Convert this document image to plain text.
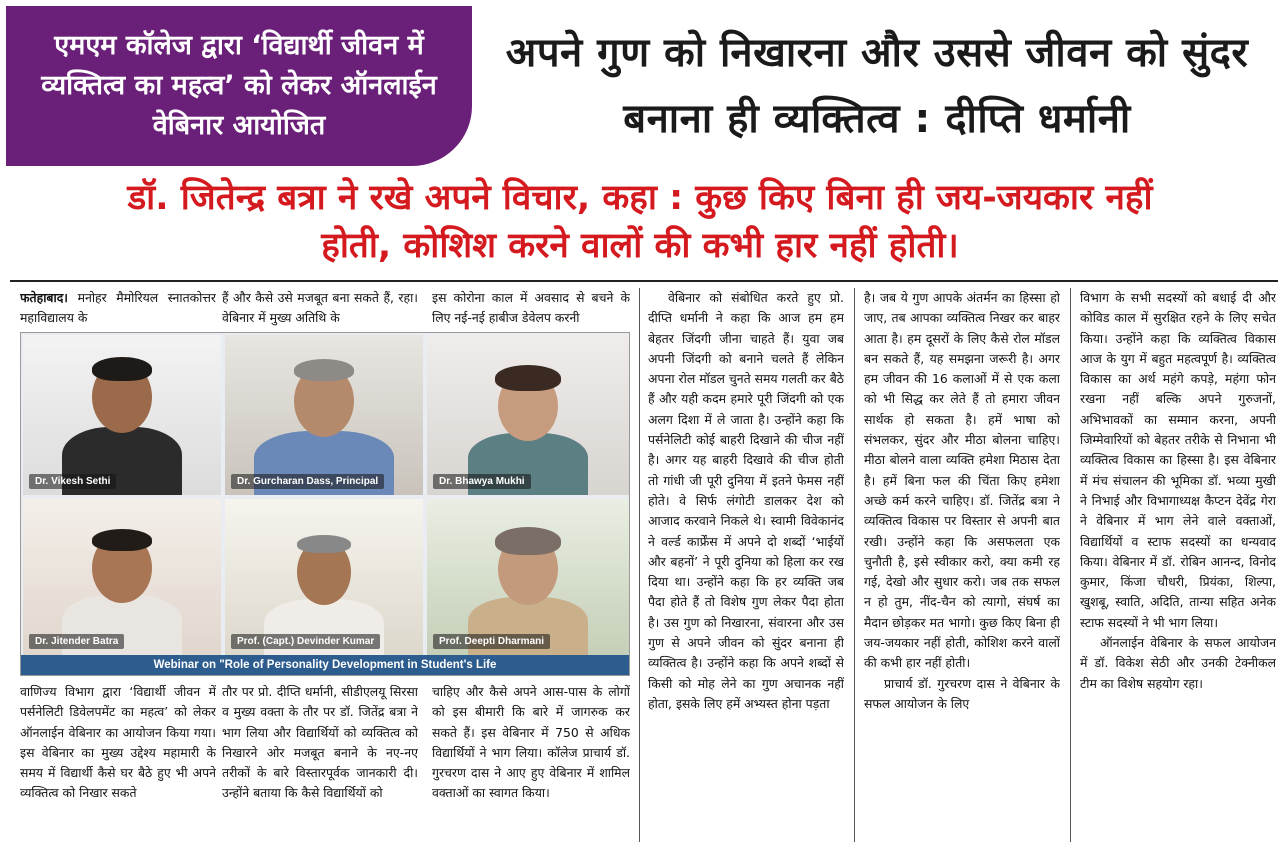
एमएम कॉलेज द्वारा ‘विद्यार्थी जीवन में व्यक्तित्व का महत्व’ को लेकर ऑनलाईन वेबिनार आयोजित
अपने गुण को निखारना और उससे जीवन को सुंदर बनाना ही व्यक्तित्व : दीप्ति धर्मानी
डॉ. जितेन्द्र बत्रा ने रखे अपने विचार, कहा : कुछ किए बिना ही जय-जयकार नहीं होती, कोशिश करने वालों की कभी हार नहीं होती।
फतेहाबाद। मनोहर मैमोरियल स्नातकोत्तर महाविद्यालय के
हैं और कैसे उसे मजबूत बना सकते हैं, रहा। वेबिनार में मुख्य अतिथि के
इस कोरोना काल में अवसाद से बचने के लिए नई-नई हाबीज डेवेलप करनी
Dr. Vikesh Sethi	Dr. Gurcharan Dass, Principal	Dr. Bhawya Mukhi
Dr. Jitender Batra	Prof. (Capt.) Devinder Kumar	Prof. Deepti Dharmani
Webinar on "Role of Personality Development in Student's Life
वाणिज्य विभाग द्वारा ‘विद्यार्थी जीवन में पर्सनेलिटी डिवेलपमेंट का महत्व’ को लेकर ऑनलाईन वेबिनार का आयोजन किया गया। इस वेबिनार का मुख्य उद्देश्य महामारी के समय में विद्यार्थी कैसे घर बैठे हुए भी अपने व्यक्तित्व को निखार सकते
तौर पर प्रो. दीप्ति धर्मानी, सीडीएलयू सिरसा व मुख्य वक्ता के तौर पर डॉ. जितेंद्र बत्रा ने भाग लिया और विद्यार्थियों को व्यक्तित्व को निखारने ओर मजबूत बनाने के नए-नए तरीकों के बारे विस्तारपूर्वक जानकारी दी। उन्होंने बताया कि कैसे विद्यार्थियों को
चाहिए और कैसे अपने आस-पास के लोगों को इस बीमारी कि बारे में जागरुक कर सकते हैं। इस वेबिनार में 750 से अधिक विद्यार्थियों ने भाग लिया। कॉलेज प्राचार्य डॉ. गुरचरण दास ने आए हुए वेबिनार में शामिल वक्ताओं का स्वागत किया।
वेबिनार को संबोधित करते हुए प्रो. दीप्ति धर्मानी ने कहा कि आज हम हम बेहतर जिंदगी जीना चाहते हैं। युवा जब अपनी जिंदगी को बनाने चलते हैं लेकिन अपना रोल मॉडल चुनते समय गलती कर बैठे हैं और यही कदम हमारे पूरी जिंदगी को एक अलग दिशा में ले जाता है। उन्होंने कहा कि पर्सनेलिटी कोई बाहरी दिखाने की चीज नहीं है। अगर यह बाहरी दिखावे की चीज होती तो गांधी जी पूरी दुनिया में इतने फेमस नहीं होते। वे सिर्फ लंगोटी डालकर देश को आजाद करवाने निकले थे। स्वामी विवेकानंद ने वर्ल्ड कार्फ्रेंस में अपने दो शब्दों ‘भाईयों और बहनों’ ने पूरी दुनिया को हिला कर रख दिया था। उन्होंने कहा कि हर व्यक्ति जब पैदा होते हैं तो विशेष गुण लेकर पैदा होता है। उस गुण को निखारना, संवारना और उस गुण से अपने जीवन को सुंदर बनाना ही व्यक्तित्व है। उन्होंने कहा कि अपने शब्दों से किसी को मोह लेने का गुण अचानक नहीं होता, इसके लिए हमें अभ्यस्त होना पड़ता
है। जब ये गुण आपके अंतर्मन का हिस्सा हो जाए, तब आपका व्यक्तित्व निखर कर बाहर आता है। हम दूसरों के लिए कैसे रोल मॉडल बन सकते हैं, यह समझना जरूरी है। अगर हम जीवन की 16 कलाओं में से एक कला को भी सिद्ध कर लेते हैं तो हमारा जीवन सार्थक हो सकता है। हमें भाषा को संभलकर, सुंदर और मीठा बोलना चाहिए। मीठा बोलने वाला व्यक्ति हमेशा मिठास देता है। हमें बिना फल की चिंता किए हमेशा अच्छे कर्म करने चाहिए। डॉ. जितेंद्र बत्रा ने व्यक्तित्व विकास पर विस्तार से अपनी बात रखी। उन्होंने कहा कि असफलता एक चुनौती है, इसे स्वीकार करो, क्या कमी रह गई, देखो और सुधार करो। जब तक सफल न हो तुम, नींद-चैन को त्यागो, संघर्ष का मैदान छोड़कर मत भागो। कुछ किए बिना ही जय-जयकार नहीं होती, कोशिश करने वालों की कभी हार नहीं होती।
प्राचार्य डॉ. गुरचरण दास ने वेबिनार के सफल आयोजन के लिए
विभाग के सभी सदस्यों को बधाई दी और कोविड काल में सुरक्षित रहने के लिए सचेत किया। उन्होंने कहा कि व्यक्तित्व विकास आज के युग में बहुत महत्वपूर्ण है। व्यक्तित्व विकास का अर्थ महंगे कपड़े, महंगा फोन रखना नहीं बल्कि अपने गुरुजनों, अभिभावकों का सम्मान करना, अपनी जिम्मेवारियों को बेहतर तरीके से निभाना भी व्यक्तित्व विकास का हिस्सा है। इस वेबिनार में मंच संचालन की भूमिका डॉ. भव्या मुखी ने निभाई और विभागाध्यक्ष कैप्टन देवेंद्र गेरा ने वेबिनार में भाग लेने वाले वक्ताओं, विद्यार्थियों व स्टाफ सदस्यों का धन्यवाद किया। वेबिनार में डॉ. रोबिन आनन्द, विनोद कुमार, किंजा चौधरी, प्रियंका, शिल्पा, खुशबू, स्वाति, अदिति, तान्या सहित अनेक स्टाफ सदस्यों ने भी भाग लिया।
ऑनलाईन वेबिनार के सफल आयोजन में डॉ. विकेश सेठी और उनकी टेक्नीकल टीम का विशेष सहयोग रहा।
